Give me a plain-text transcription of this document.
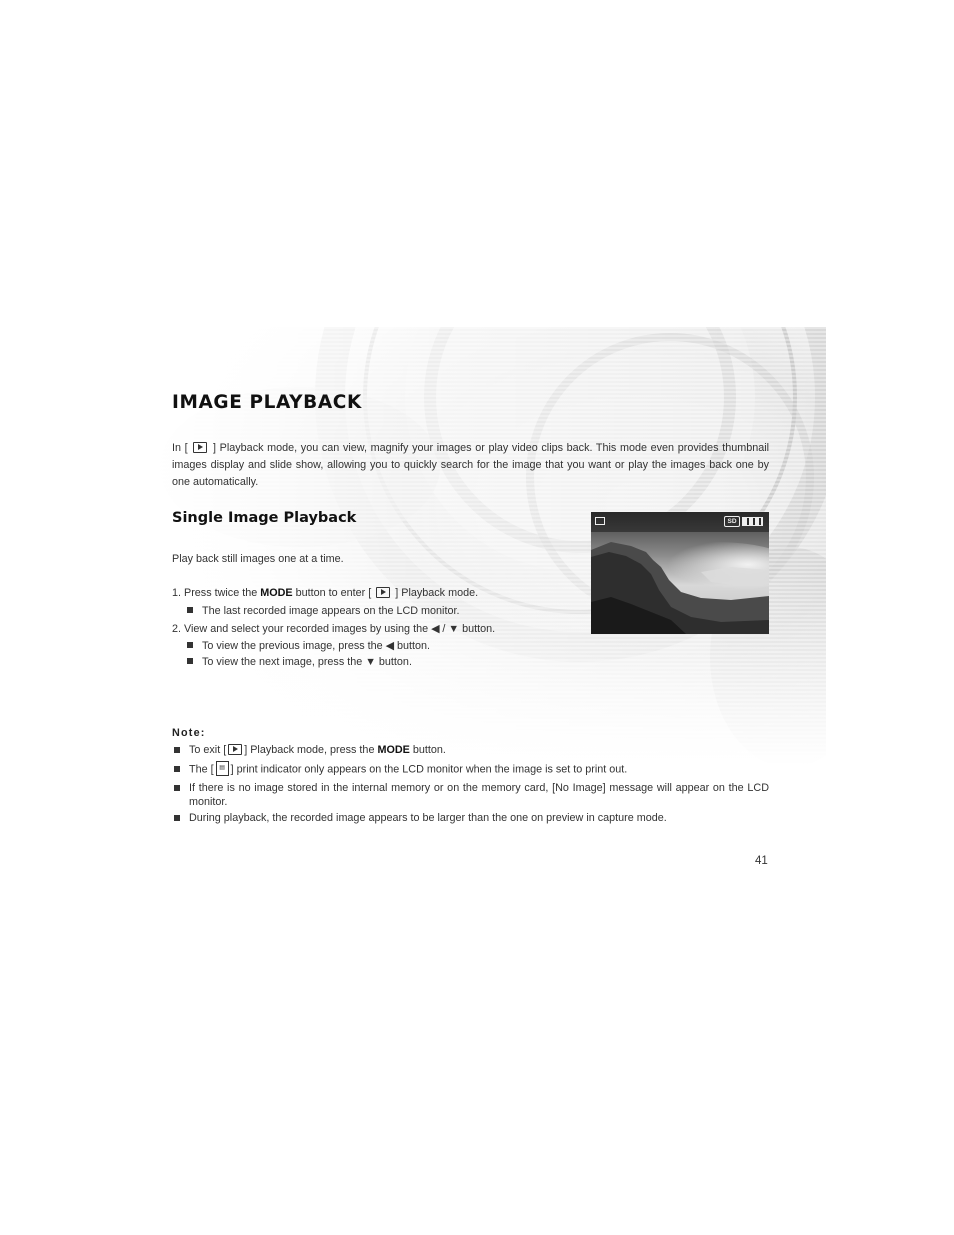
IMAGE PLAYBACK

In [ ] Playback mode, you can view, magnify your images or play video clips back. This mode even provides thumbnail images display and slide show, allowing you to quickly search for the image that you want or play the images back one by one automatically.

Single Image Playback
Play back still images one at a time.
1. Press twice the MODE button to enter [ ] Playback mode.
The last recorded image appears on the LCD monitor.
2. View and select your recorded images by using the ◀ / ▼ button.
To view the previous image, press the ◀ button.
To view the next image, press the ▼ button.
SD
Note:
To exit [ ] Playback mode, press the MODE button.
The [ ▤ ] print indicator only appears on the LCD monitor when the image is set to print out.
If there is no image stored in the internal memory or on the memory card, [No Image] message will appear on the LCD monitor.
During playback, the recorded image appears to be larger than the one on preview in capture mode.
41
